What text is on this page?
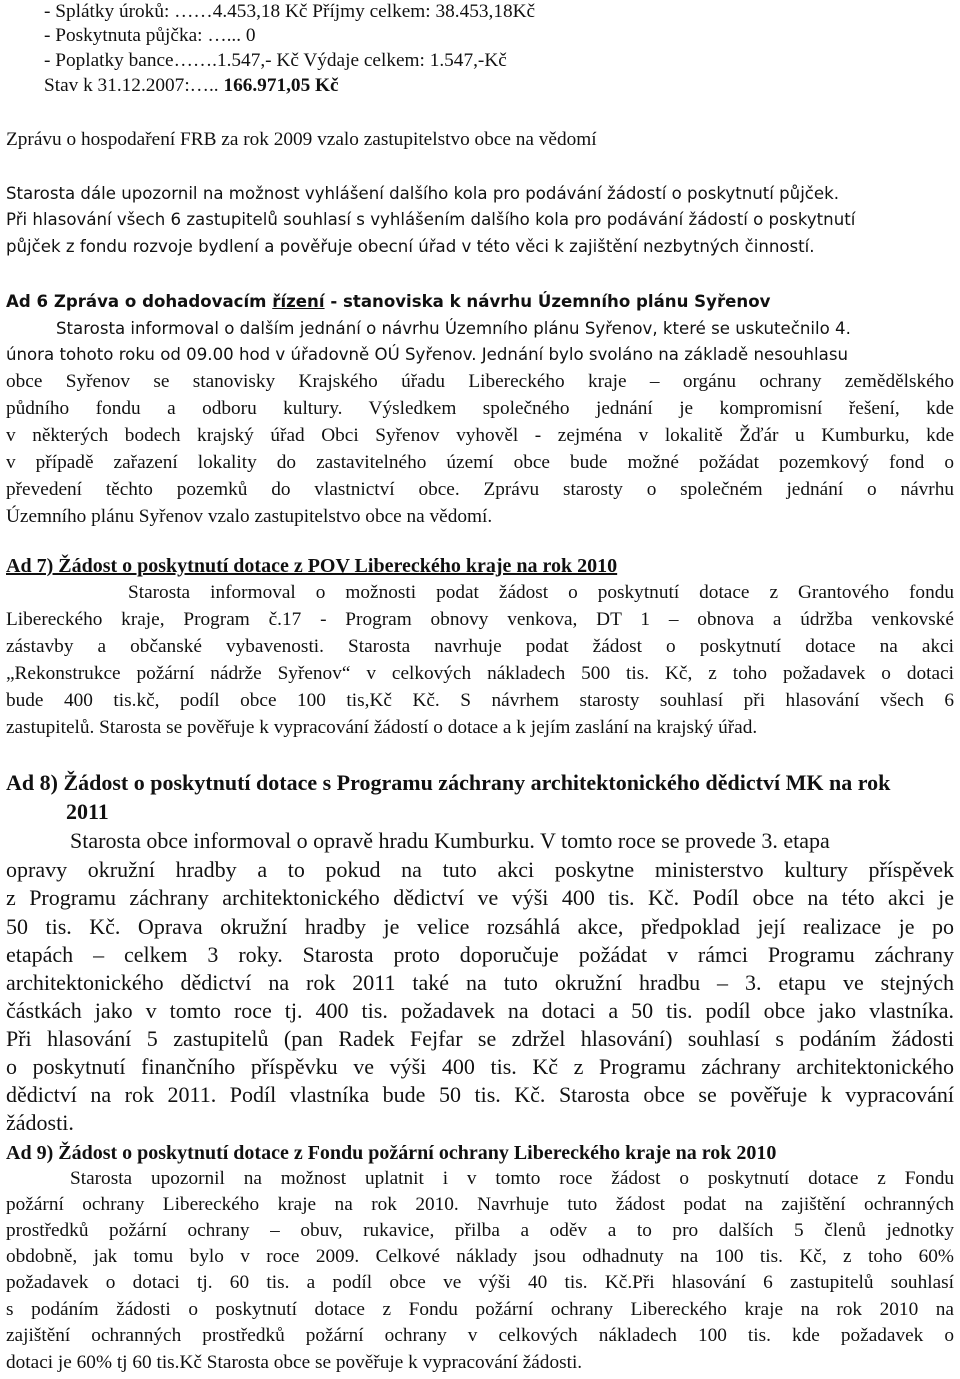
- Splátky úroků: ……4.453,18 Kč Příjmy celkem: 38.453,18Kč
- Poskytnuta půjčka: …... 0
- Poplatky bance…….1.547,- Kč Výdaje celkem: 1.547,-Kč
Stav k 31.12.2007:….. 166.971,05 Kč
Zprávu o hospodaření FRB za rok 2009 vzalo zastupitelstvo obce na vědomí
Starosta dále upozornil na možnost vyhlášení dalšího kola pro podávání žádostí o poskytnutí půjček.
Při hlasování všech 6 zastupitelů souhlasí s vyhlášením dalšího kola pro podávání žádostí o poskytnutí
půjček z fondu rozvoje bydlení a pověřuje obecní úřad v této věci k zajištění nezbytných činností.
Ad 6 Zpráva o dohadovacím řízení - stanoviska k návrhu Územního plánu Syřenov
Starosta informoval o dalším jednání o návrhu Územního plánu Syřenov, které se uskutečnilo 4.
února tohoto roku od 09.00 hod v úřadovně OÚ Syřenov. Jednání bylo svoláno na základě nesouhlasu
obce Syřenov se stanovisky Krajského úřadu Libereckého kraje – orgánu ochrany zemědělského
půdního fondu a odboru kultury. Výsledkem společného jednání je kompromisní řešení, kde
v některých bodech krajský úřad Obci Syřenov vyhověl - zejména v lokalitě Žďár u Kumburku, kde
v případě zařazení lokality do zastavitelného území obce bude možné požádat pozemkový fond o
převedení těchto pozemků do vlastnictví obce. Zprávu starosty o společném jednání o návrhu
Územního plánu Syřenov vzalo zastupitelstvo obce na vědomí.
Ad 7) Žádost o poskytnutí dotace z POV Libereckého kraje na rok 2010
Starosta informoval o možnosti podat žádost o poskytnutí dotace z Grantového fondu
Libereckého kraje, Program č.17 - Program obnovy venkova, DT 1 – obnova a údržba venkovské
zástavby a občanské vybavenosti. Starosta navrhuje podat žádost o poskytnutí dotace na akci
„Rekonstrukce požární nádrže Syřenov“ v celkových nákladech 500 tis. Kč, z toho požadavek o dotaci
bude 400 tis.kč, podíl obce 100 tis,Kč Kč. S návrhem starosty souhlasí při hlasování všech 6
zastupitelů. Starosta se pověřuje k vypracování žádostí o dotace a k jejím zaslání na krajský úřad.
Ad 8) Žádost o poskytnutí dotace s Programu záchrany architektonického dědictví MK na rok
2011
Starosta obce informoval o opravě hradu Kumburku. V tomto roce se provede 3. etapa
opravy okružní hradby a to pokud na tuto akci poskytne ministerstvo kultury příspěvek
z Programu záchrany architektonického dědictví ve výši 400 tis. Kč. Podíl obce na této akci je
50 tis. Kč. Oprava okružní hradby je velice rozsáhlá akce, předpoklad její realizace je po
etapách – celkem 3 roky. Starosta proto doporučuje požádat v rámci Programu záchrany
architektonického dědictví na rok 2011 také na tuto okružní hradbu – 3. etapu ve stejných
částkách jako v tomto roce tj. 400 tis. požadavek na dotaci a 50 tis. podíl obce jako vlastníka.
Při hlasování 5 zastupitelů (pan Radek Fejfar se zdržel hlasování) souhlasí s podáním žádosti
o poskytnutí finančního příspěvku ve výši 400 tis. Kč z Programu záchrany architektonického
dědictví na rok 2011. Podíl vlastníka bude 50 tis. Kč. Starosta obce se pověřuje k vypracování
žádosti.
Ad 9) Žádost o poskytnutí dotace z Fondu požární ochrany Libereckého kraje na rok 2010
Starosta upozornil na možnost uplatnit i v tomto roce žádost o poskytnutí dotace z Fondu
požární ochrany Libereckého kraje na rok 2010. Navrhuje tuto žádost podat na zajištění ochranných
prostředků požární ochrany – obuv, rukavice, přilba a oděv a to pro dalších 5 členů jednotky
obdobně, jak tomu bylo v roce 2009. Celkové náklady jsou odhadnuty na 100 tis. Kč, z toho 60%
požadavek o dotaci tj. 60 tis. a podíl obce ve výši 40 tis. Kč.Při hlasování 6 zastupitelů souhlasí
s podáním žádosti o poskytnutí dotace z Fondu požární ochrany Libereckého kraje na rok 2010 na
zajištění ochranných prostředků požární ochrany v celkových nákladech 100 tis. kde požadavek o
dotaci je 60% tj 60 tis.Kč Starosta obce se pověřuje k vypracování žádosti.
